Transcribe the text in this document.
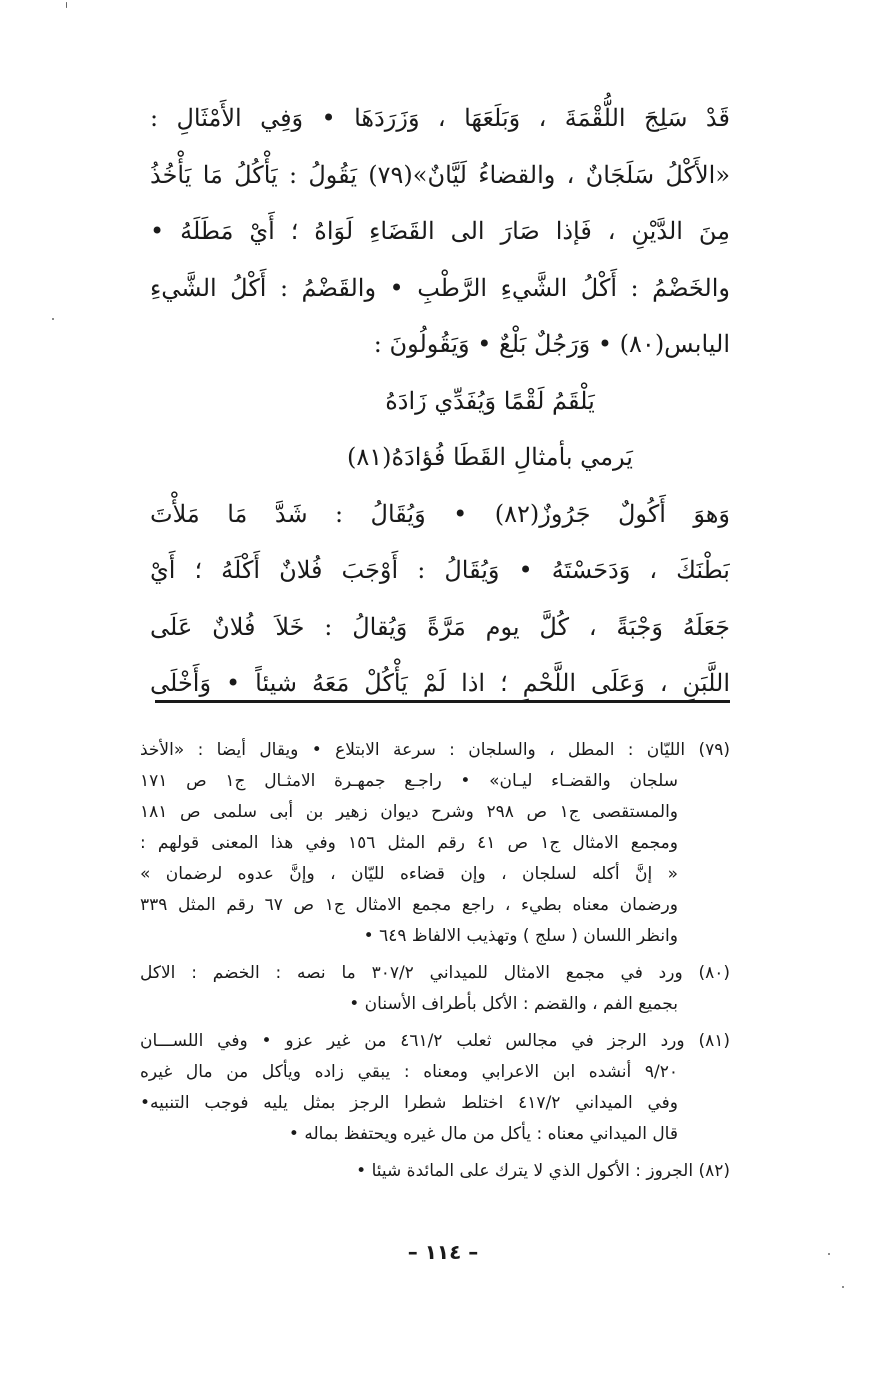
قَدْ سَلِجَ اللُّقْمَةَ ، وَبَلَعَهَا ، وَزَرَدَهَا • وَفِي الأَمْثَالِ :
«الأَكْلُ سَلَجَانٌ ، والقضاءُ لَيَّانٌ»(٧٩) يَقُولُ : يَأْكُلُ مَا يَأْخُذُ
مِنَ الدَّيْنِ ، فَإذا صَارَ الى القَضَاءِ لَوَاهُ ؛ أَيْ مَطَلَهُ •
والخَضْمُ : أَكْلُ الشَّيءِ الرَّطْبِ • والقَضْمُ : أَكْلُ الشَّيءِ
اليابس(٨٠) • وَرَجُلٌ بَلْعٌ • وَيَقُولُونَ :
يَلْقَمُ لَقْمًا وَيُفَدِّي زَادَهُ
يَرمي بأمثالِ القَطَا فُؤادَهُ(٨١)
وَهوَ أَكُولٌ جَرُوزٌ(٨٢) • وَيُقَالُ : شَدَّ مَا مَلأْتَ
بَطْنَكَ ، وَدَحَسْتَهُ • وَيُقَالُ : أَوْجَبَ فُلانٌ أَكْلَهُ ؛ أَيْ
جَعَلَهُ وَجْبَةً ، كُلَّ يوم مَرَّةً وَيُقالُ : خَلاَ فُلانٌ عَلَى
اللَّبَنِ ، وَعَلَى اللَّحْمِ ؛ اذا لَمْ يَأْكُلْ مَعَهُ شيئاً • وَأَخْلَى
(٧٩) الليّان : المطل ، والسلجان : سرعة الابتلاع • ويقال أيضا : «الأخذ
سلجان والقضـاء ليـان» • راجـع جمهـرة الامثـال ج١ ص ١٧١
والمستقصى ج١ ص ٢٩٨ وشرح ديوان زهير بن أبى سلمى ص ١٨١
ومجمع الامثال ج١ ص ٤١ رقم المثل ١٥٦ وفي هذا المعنى قولهم :
« إنَّ أكله لسلجان ، وإن قضاءه لليّان ، وإنَّ عدوه لرضمان »
ورضمان معناه بطيء ، راجع مجمع الامثال ج١ ص ٦٧ رقم المثل ٣٣٩
وانظر اللسان ( سلج ) وتهذيب الالفاظ ٦٤٩ •
(٨٠) ورد في مجمع الامثال للميداني ٣٠٧/٢ ما نصه : الخضم : الاكل
بجميع الفم ، والقضم : الأكل بأطراف الأسنان •
(٨١) ورد الرجز في مجالس ثعلب ٤٦١/٢ من غير عزو • وفي اللســـان
٩/٢٠ أنشده ابن الاعرابي ومعناه : يبقي زاده ويأكل من مال غيره
وفي الميداني ٤١٧/٢ اختلط شطرا الرجز بمثل يليه فوجب التنبيه•
قال الميداني معناه : يأكل من مال غيره ويحتفظ بماله •
(٨٢) الجروز : الأكول الذي لا يترك على المائدة شيئا •
– ١١٤ –
